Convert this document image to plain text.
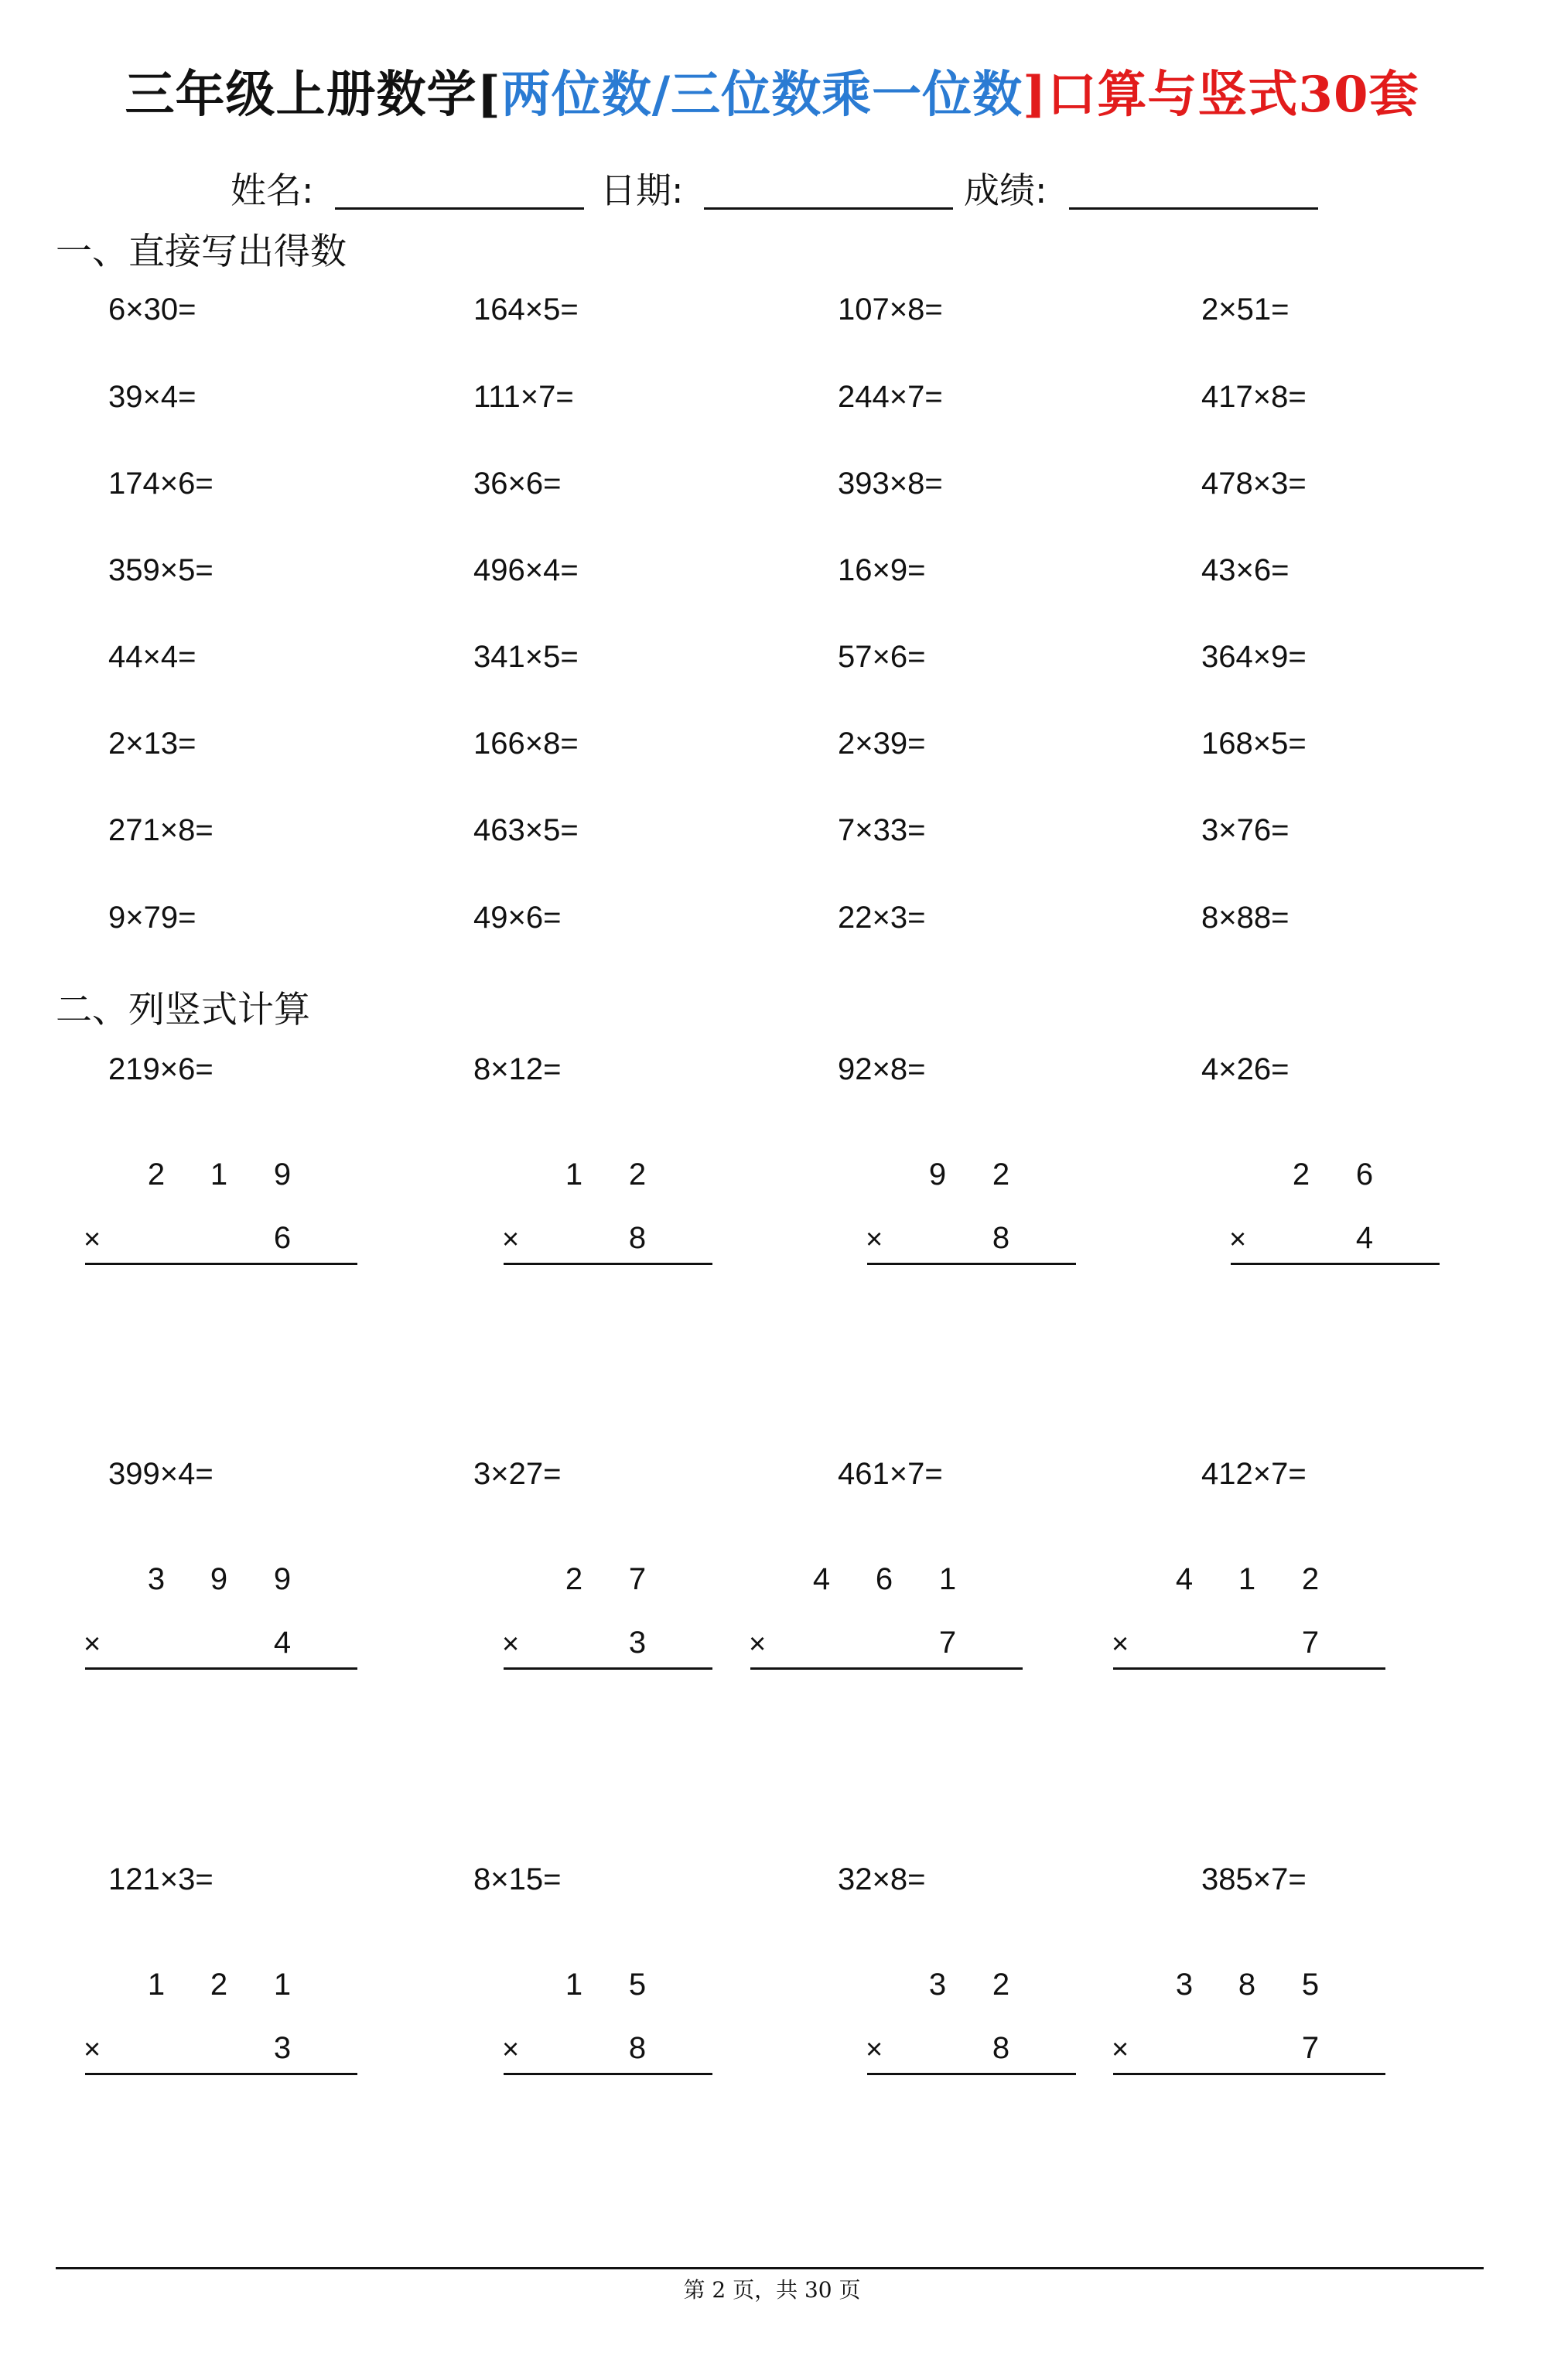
三年级上册数学[两位数/三位数乘一位数]口算与竖式30套
姓名:	日期:	成绩:
一、直接写出得数
6×30=	164×5=	107×8=	2×51=
39×4=	111×7=	244×7=	417×8=
174×6=	36×6=	393×8=	478×3=
359×5=	496×4=	16×9=	43×6=
44×4=	341×5=	57×6=	364×9=
2×13=	166×8=	2×39=	168×5=
271×8=	463×5=	7×33=	3×76=
9×79=	49×6=	22×3=	8×88=
二、列竖式计算
219×6=
2 1 9
×	6
8×12=
1 2
×	8
92×8=
9 2
×	8
4×26=
2 6
×	4
399×4=
3 9 9
×	4
3×27=
2 7
×	3
461×7=
4 6 1
×	7
412×7=
4 1 2
×	7
121×3=
1 2 1
×	3
8×15=
1 5
×	8
32×8=
3 2
×	8
385×7=
3 8 5
×	7
第 2 页，共 30 页
